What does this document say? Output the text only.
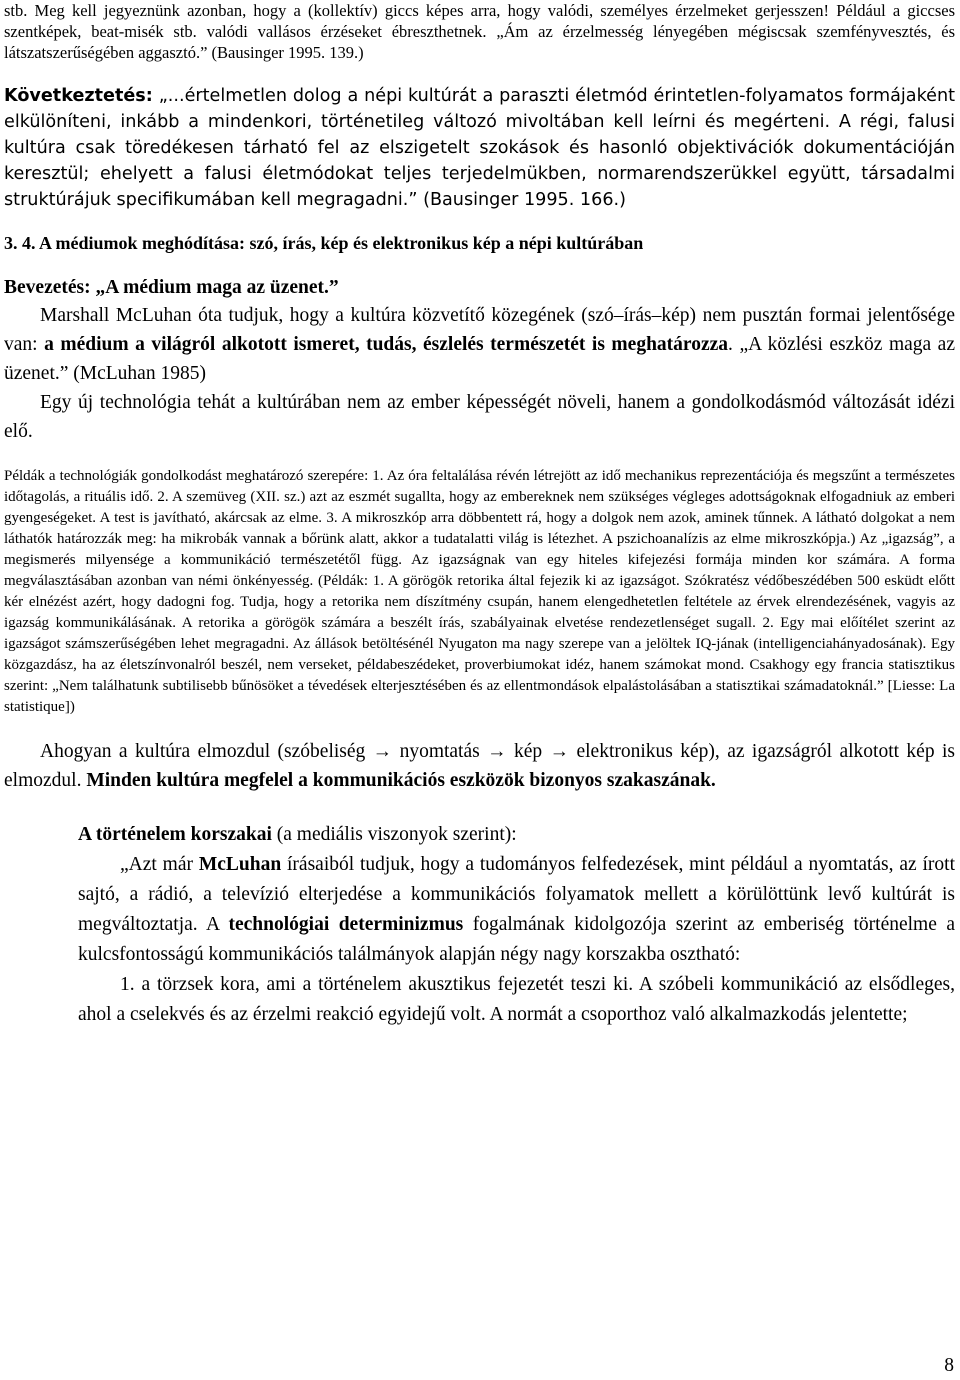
stb. Meg kell jegyeznünk azonban, hogy a (kollektív) giccs képes arra, hogy valódi, személyes érzelmeket gerjesszen! Például a giccses szentképek, beat-misék stb. valódi vallásos érzéseket ébreszthetnek. „Ám az érzelmesség lényegében mégiscsak szemfényvesztés, és látszatszerűségében aggasztó.” (Bausinger 1995. 139.)

Következtetés: „...értelmetlen dolog a népi kultúrát a paraszti életmód érintetlen-folyamatos formájaként elkülöníteni, inkább a mindenkori, történetileg változó mivoltában kell leírni és megérteni. A régi, falusi kultúra csak töredékesen tárható fel az elszigetelt szokások és hasonló objektivációk dokumentációján keresztül; ehelyett a falusi életmódokat teljes terjedelmükben, normarendszerükkel együtt, társadalmi struktúrájuk specifikumában kell megragadni.” (Bausinger 1995. 166.)

3. 4. A médiumok meghódítása: szó, írás, kép és elektronikus kép a népi kultúrában
Bevezetés: „A médium maga az üzenet.”

Marshall McLuhan óta tudjuk, hogy a kultúra közvetítő közegének (szó–írás–kép) nem pusztán formai jelentősége van: a médium a világról alkotott ismeret, tudás, észlelés természetét is meghatározza. „A közlési eszköz maga az üzenet.” (McLuhan 1985)

Egy új technológia tehát a kultúrában nem az ember képességét növeli, hanem a gondolkodásmód változását idézi elő.

Példák a technológiák gondolkodást meghatározó szerepére: 1. Az óra feltalálása révén létrejött az idő mechanikus reprezentációja és megszűnt a természetes időtagolás, a rituális idő. 2. A szemüveg (XII. sz.) azt az eszmét sugallta, hogy az embereknek nem szükséges végleges adottságoknak elfogadniuk az emberi gyengeségeket. A test is javítható, akárcsak az elme. 3. A mikroszkóp arra döbbentett rá, hogy a dolgok nem azok, aminek tűnnek. A látható dolgokat a nem láthatók határozzák meg: ha mikrobák vannak a bőrünk alatt, akkor a tudatalatti világ is létezhet. A pszichoanalízis az elme mikroszkópja.) Az „igazság”, a megismerés milyensége a kommunikáció természetétől függ. Az igazságnak van egy hiteles kifejezési formája minden kor számára. A forma megválasztásában azonban van némi önkényesség. (Példák: 1. A görögök retorika által fejezik ki az igazságot. Szókratész védőbeszédében 500 esküdt előtt kér elnézést azért, hogy dadogni fog. Tudja, hogy a retorika nem díszítmény csupán, hanem elengedhetetlen feltétele az érvek elrendezésének, vagyis az igazság kommunikálásának. A retorika a görögök számára a beszélt írás, szabályainak elvetése rendezetlenséget sugall. 2. Egy mai előítélet szerint az igazságot számszerűségében lehet megragadni. Az állások betöltésénél Nyugaton ma nagy szerepe van a jelöltek IQ-jának (intelligenciahányadosának). Egy közgazdász, ha az életszínvonalról beszél, nem verseket, példabeszédeket, proverbiumokat idéz, hanem számokat mond. Csakhogy egy francia statisztikus szerint: „Nem találhatunk subtilisebb bűnösöket a tévedések elterjesztésében és az ellentmondások elpalástolásában a statisztikai számadatoknál.” [Liesse: La statistique])

Ahogyan a kultúra elmozdul (szóbeliség → nyomtatás → kép → elektronikus kép), az igazságról alkotott kép is elmozdul. Minden kultúra megfelel a kommunikációs eszközök bizonyos szakaszának.

A történelem korszakai (a mediális viszonyok szerint):

„Azt már McLuhan írásaiból tudjuk, hogy a tudományos felfedezések, mint például a nyomtatás, az írott sajtó, a rádió, a televízió elterjedése a kommunikációs folyamatok mellett a körülöttünk levő kultúrát is megváltoztatja. A technológiai determinizmus fogalmának kidolgozója szerint az emberiség történelme a kulcsfontosságú kommunikációs találmányok alapján négy nagy korszakba osztható:

1. a törzsek kora, ami a történelem akusztikus fejezetét teszi ki. A szóbeli kommunikáció az elsődleges, ahol a cselekvés és az érzelmi reakció egyidejű volt. A normát a csoporthoz való alkalmazkodás jelentette;

8
